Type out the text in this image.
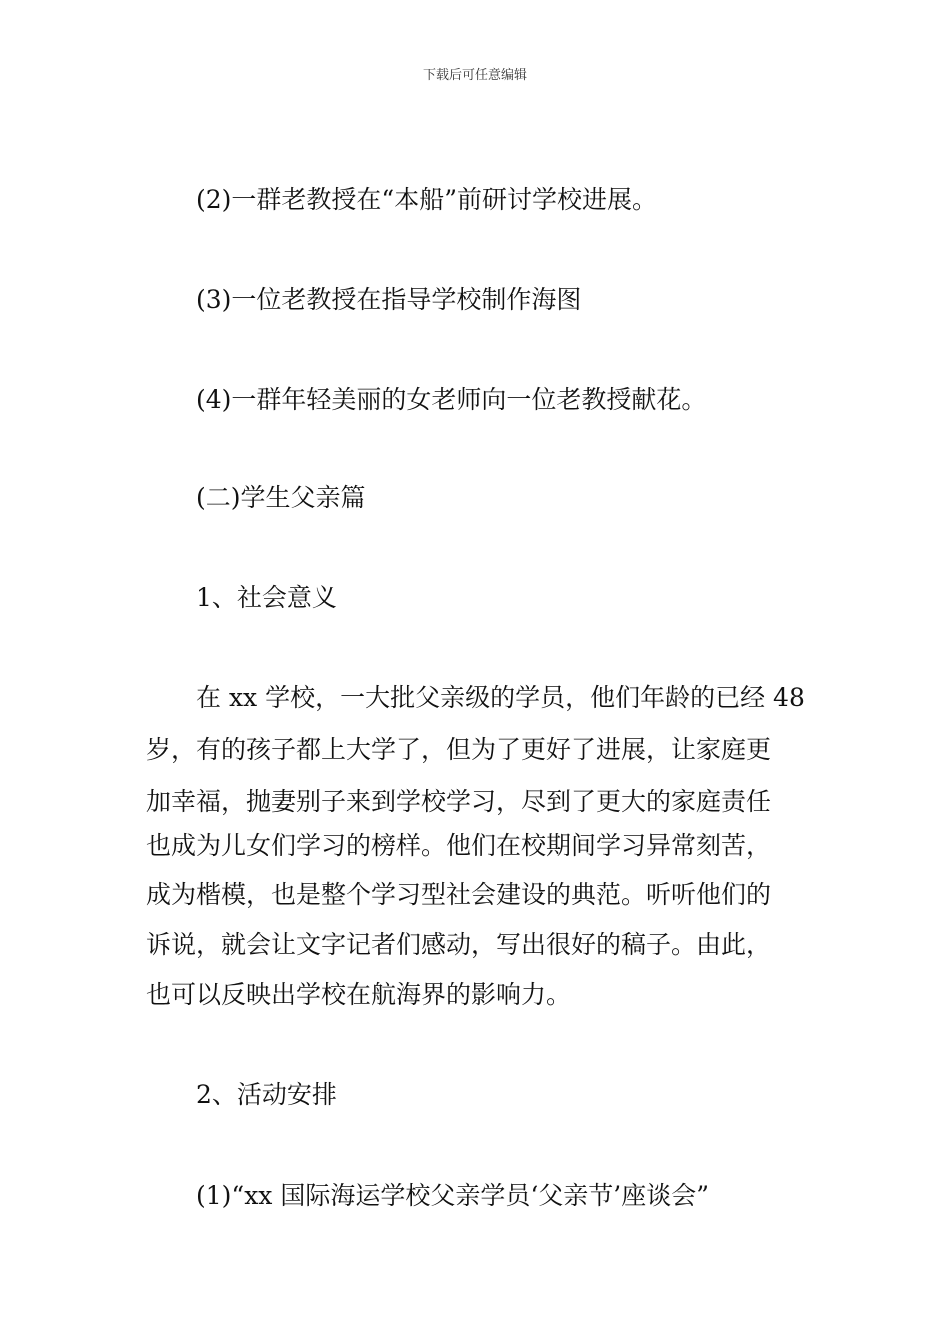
下载后可任意编辑
(2)一群老教授在“本船”前研讨学校进展。
(3)一位老教授在指导学校制作海图
(4)一群年轻美丽的女老师向一位老教授献花。
(二)学生父亲篇
1、社会意义
在 xx 学校，一大批父亲级的学员，他们年龄的已经 48
岁，有的孩子都上大学了，但为了更好了进展，让家庭更
加幸福，抛妻别子来到学校学习，尽到了更大的家庭责任
也成为儿女们学习的榜样。他们在校期间学习异常刻苦，
成为楷模，也是整个学习型社会建设的典范。听听他们的
诉说，就会让文字记者们感动，写出很好的稿子。由此，
也可以反映出学校在航海界的影响力。
2、活动安排
(1)“xx 国际海运学校父亲学员‘父亲节’座谈会”
